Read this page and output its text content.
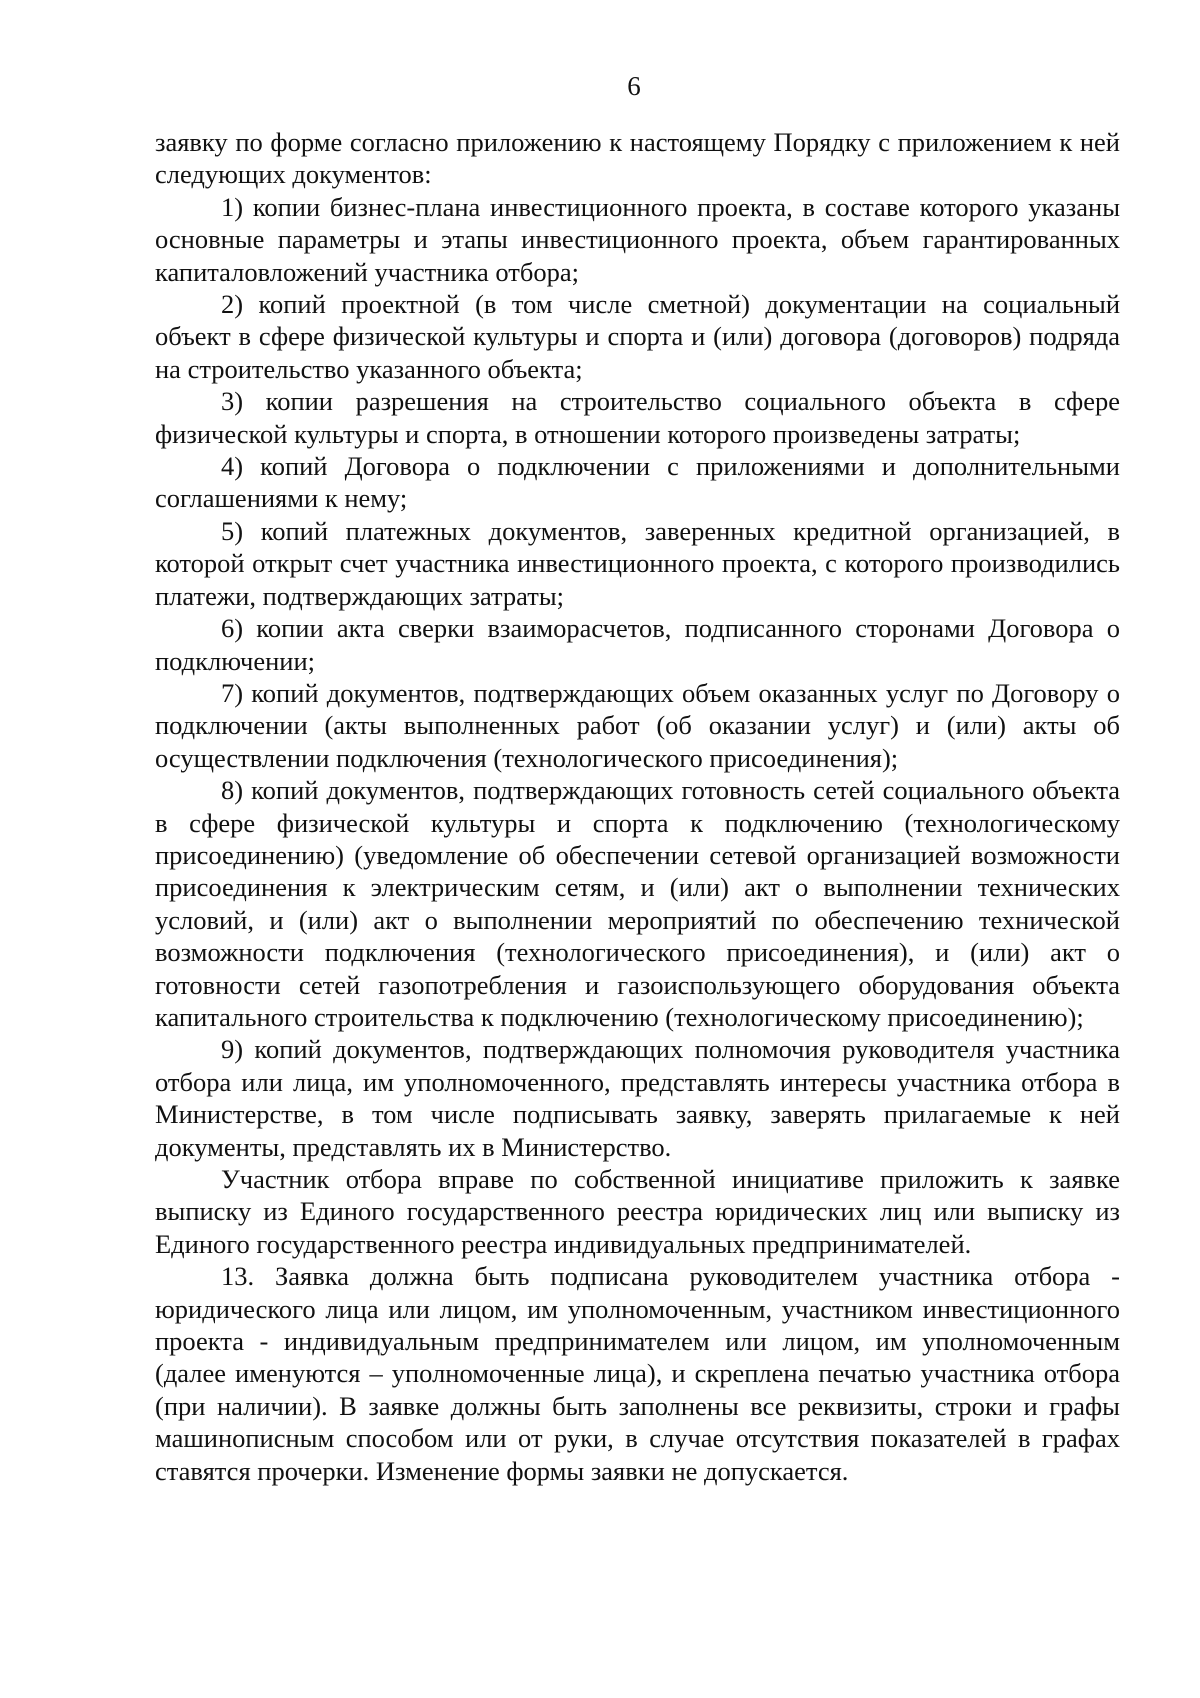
6

заявку по форме согласно приложению к настоящему Порядку с приложением к ней следующих документов:

1) копии бизнес-плана инвестиционного проекта, в составе которого указаны основные параметры и этапы инвестиционного проекта, объем гарантированных капиталовложений участника отбора;

2) копий проектной (в том числе сметной) документации на социальный объект в сфере физической культуры и спорта и (или) договора (договоров) подряда на строительство указанного объекта;

3) копии разрешения на строительство социального объекта в сфере физической культуры и спорта, в отношении которого произведены затраты;

4) копий Договора о подключении с приложениями и дополнительными соглашениями к нему;

5) копий платежных документов, заверенных кредитной организацией, в которой открыт счет участника инвестиционного проекта, с которого производились платежи, подтверждающих затраты;

6) копии акта сверки взаиморасчетов, подписанного сторонами Договора о подключении;

7) копий документов, подтверждающих объем оказанных услуг по Договору о подключении (акты выполненных работ (об оказании услуг) и (или) акты об осуществлении подключения (технологического присоединения);

8) копий документов, подтверждающих готовность сетей социального объекта в сфере физической культуры и спорта к подключению (технологическому присоединению) (уведомление об обеспечении сетевой организацией возможности присоединения к электрическим сетям, и (или) акт о выполнении технических условий, и (или) акт о выполнении мероприятий по обеспечению технической возможности подключения (технологического присоединения), и (или) акт о готовности сетей газопотребления и газоиспользующего оборудования объекта капитального строительства к подключению (технологическому присоединению);

9) копий документов, подтверждающих полномочия руководителя участника отбора или лица, им уполномоченного, представлять интересы участника отбора в Министерстве, в том числе подписывать заявку, заверять прилагаемые к ней документы, представлять их в Министерство.

Участник отбора вправе по собственной инициативе приложить к заявке выписку из Единого государственного реестра юридических лиц или выписку из Единого государственного реестра индивидуальных предпринимателей.

13. Заявка должна быть подписана руководителем участника отбора - юридического лица или лицом, им уполномоченным, участником инвестиционного проекта - индивидуальным предпринимателем или лицом, им уполномоченным (далее именуются – уполномоченные лица), и скреплена печатью участника отбора (при наличии). В заявке должны быть заполнены все реквизиты, строки и графы машинописным способом или от руки, в случае отсутствия показателей в графах ставятся прочерки. Изменение формы заявки не допускается.
